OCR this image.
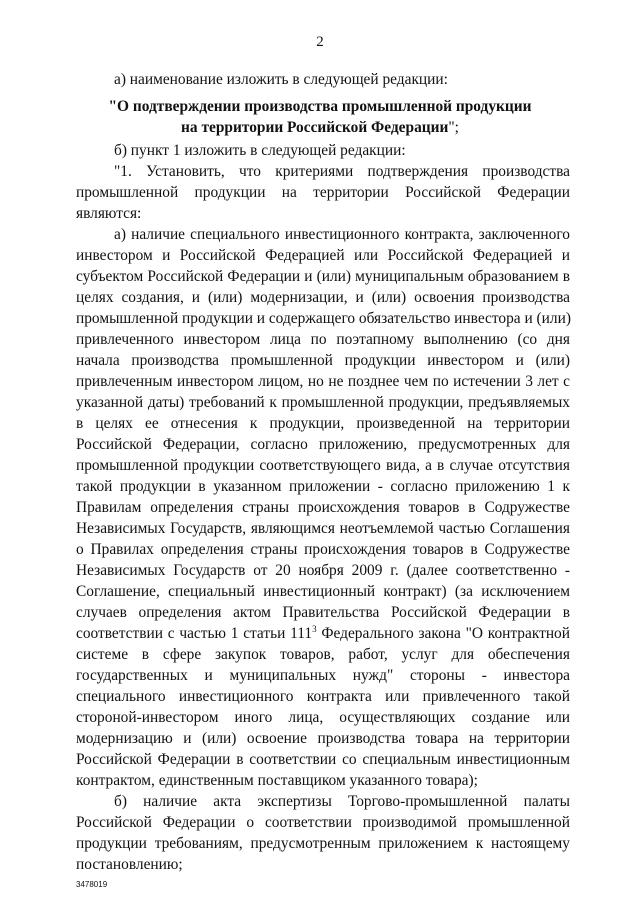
2
а) наименование изложить в следующей редакции:
"О подтверждении производства промышленной продукции
на территории Российской Федерации";
б) пункт 1 изложить в следующей редакции:
"1. Установить, что критериями подтверждения производства
промышленной продукции на территории Российской Федерации
являются:
а) наличие специального инвестиционного контракта, заключенного
инвестором и Российской Федерацией или Российской Федерацией и
субъектом Российской Федерации и (или) муниципальным образованием в
целях создания, и (или) модернизации, и (или) освоения производства
промышленной продукции и содержащего обязательство инвестора и (или)
привлеченного инвестором лица по поэтапному выполнению (со дня
начала производства промышленной продукции инвестором и (или)
привлеченным инвестором лицом, но не позднее чем по истечении 3 лет с
указанной даты) требований к промышленной продукции, предъявляемых
в целях ее отнесения к продукции, произведенной на территории
Российской Федерации, согласно приложению, предусмотренных для
промышленной продукции соответствующего вида, а в случае отсутствия
такой продукции в указанном приложении - согласно приложению 1 к
Правилам определения страны происхождения товаров в Содружестве
Независимых Государств, являющимся неотъемлемой частью Соглашения
о Правилах определения страны происхождения товаров в Содружестве
Независимых Государств от 20 ноября 2009 г. (далее соответственно -
Соглашение, специальный инвестиционный контракт) (за исключением
случаев определения актом Правительства Российской Федерации в
соответствии с частью 1 статьи $111^3$ Федерального закона "О контрактной
системе в сфере закупок товаров, работ, услуг для обеспечения
государственных и муниципальных нужд" стороны - инвестора
специального инвестиционного контракта или привлеченного такой
стороной-инвестором иного лица, осуществляющих создание или
модернизацию и (или) освоение производства товара на территории
Российской Федерации в соответствии со специальным инвестиционным
контрактом, единственным поставщиком указанного товара);
б) наличие акта экспертизы Торгово-промышленной палаты
Российской Федерации о соответствии производимой промышленной
продукции требованиям, предусмотренным приложением к настоящему
постановлению;
3478019
